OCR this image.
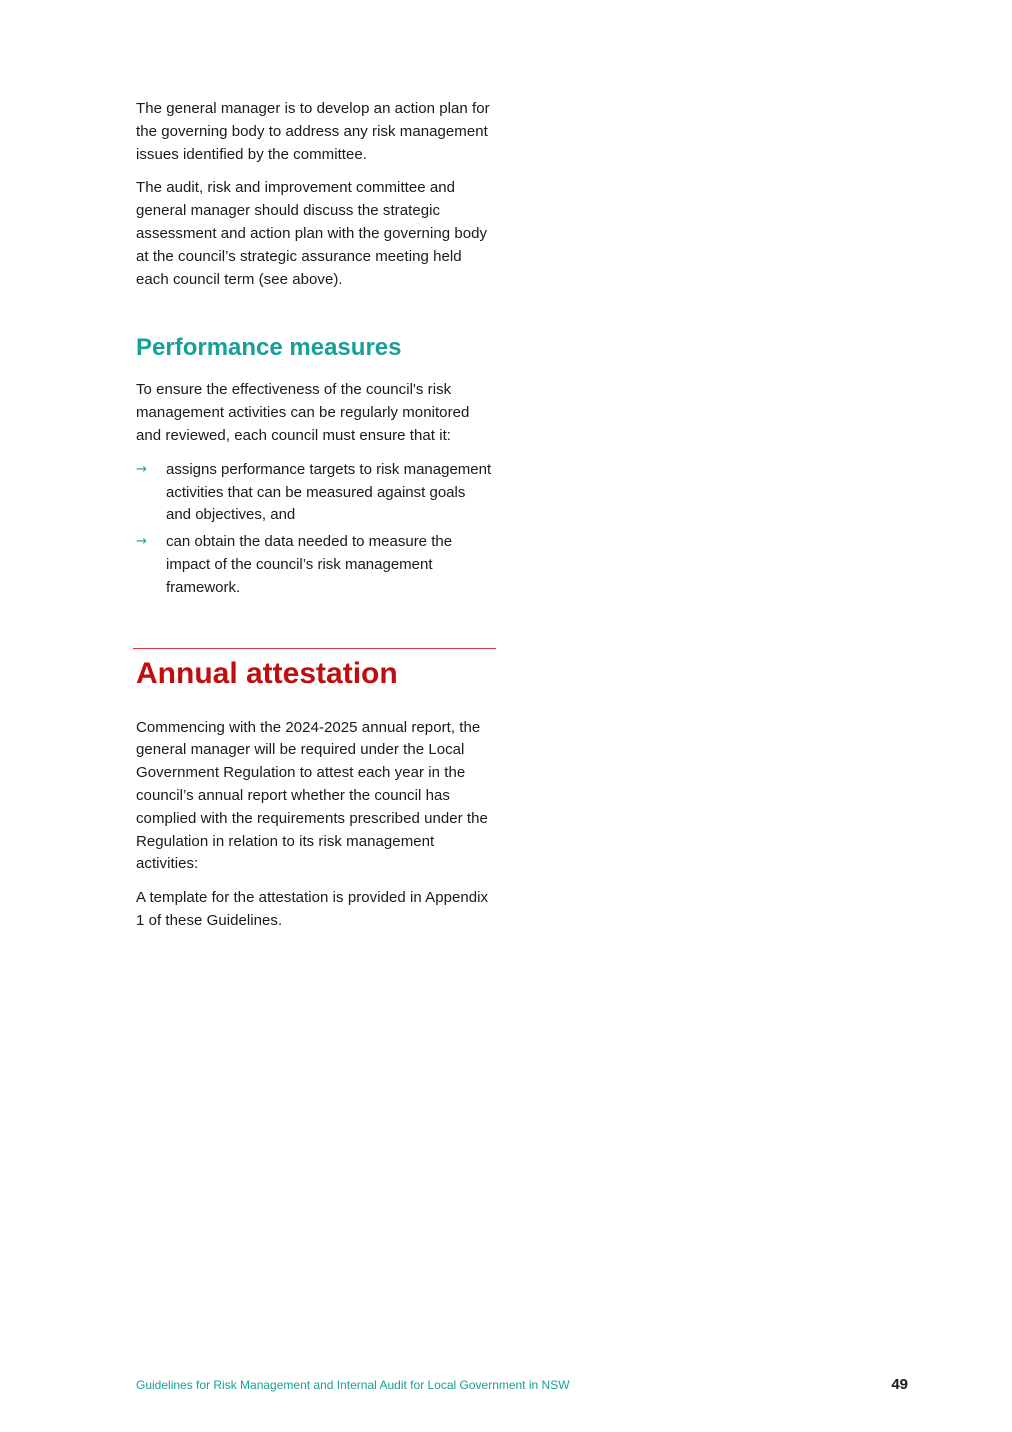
The general manager is to develop an action plan for the governing body to address any risk management issues identified by the committee.

The audit, risk and improvement committee and general manager should discuss the strategic assessment and action plan with the governing body at the council’s strategic assurance meeting held each council term (see above).

Performance measures

To ensure the effectiveness of the council's risk management activities can be regularly monitored and reviewed, each council must ensure that it:

→ assigns performance targets to risk management activities that can be measured against goals and objectives, and
→ can obtain the data needed to measure the impact of the council’s risk management framework.
Annual attestation

Commencing with the 2024-2025 annual report, the general manager will be required under the Local Government Regulation to attest each year in the council’s annual report whether the council has complied with the requirements prescribed under the Regulation in relation to its risk management activities:

A template for the attestation is provided in Appendix 1 of these Guidelines.

Guidelines for Risk Management and Internal Audit for Local Government in NSW	49
